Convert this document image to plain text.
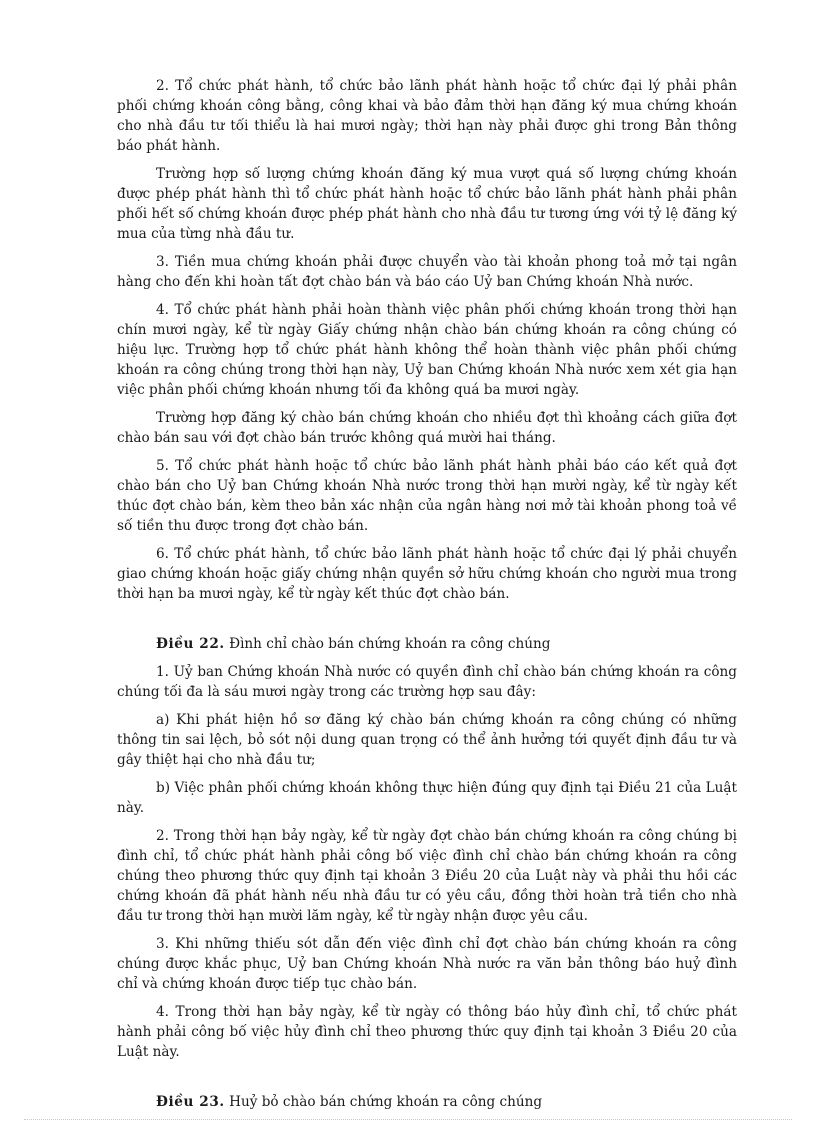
2. Tổ chức phát hành, tổ chức bảo lãnh phát hành hoặc tổ chức đại lý phải phân phối chứng khoán công bằng, công khai và bảo đảm thời hạn đăng ký mua chứng khoán cho nhà đầu tư tối thiểu là hai mươi ngày; thời hạn này phải được ghi trong Bản thông báo phát hành.

Trường hợp số lượng chứng khoán đăng ký mua vượt quá số lượng chứng khoán được phép phát hành thì tổ chức phát hành hoặc tổ chức bảo lãnh phát hành phải phân phối hết số chứng khoán được phép phát hành cho nhà đầu tư tương ứng với tỷ lệ đăng ký mua của từng nhà đầu tư.

3. Tiền mua chứng khoán phải được chuyển vào tài khoản phong toả mở tại ngân hàng cho đến khi hoàn tất đợt chào bán và báo cáo Uỷ ban Chứng khoán Nhà nước.

4. Tổ chức phát hành phải hoàn thành việc phân phối chứng khoán trong thời hạn chín mươi ngày, kể từ ngày Giấy chứng nhận chào bán chứng khoán ra công chúng có hiệu lực. Trường hợp tổ chức phát hành không thể hoàn thành việc phân phối chứng khoán ra công chúng trong thời hạn này, Uỷ ban Chứng khoán Nhà nước xem xét gia hạn việc phân phối chứng khoán nhưng tối đa không quá ba mươi ngày.

Trường hợp đăng ký chào bán chứng khoán cho nhiều đợt thì khoảng cách giữa đợt chào bán sau với đợt chào bán trước không quá mười hai tháng.

5. Tổ chức phát hành hoặc tổ chức bảo lãnh phát hành phải báo cáo kết quả đợt chào bán cho Uỷ ban Chứng khoán Nhà nước trong thời hạn mười ngày, kể từ ngày kết thúc đợt chào bán, kèm theo bản xác nhận của ngân hàng nơi mở tài khoản phong toả về số tiền thu được trong đợt chào bán.

6. Tổ chức phát hành, tổ chức bảo lãnh phát hành hoặc tổ chức đại lý phải chuyển giao chứng khoán hoặc giấy chứng nhận quyền sở hữu chứng khoán cho người mua trong thời hạn ba mươi ngày, kể từ ngày kết thúc đợt chào bán.

Điều 22. Đình chỉ chào bán chứng khoán ra công chúng

1. Uỷ ban Chứng khoán Nhà nước có quyền đình chỉ chào bán chứng khoán ra công chúng tối đa là sáu mươi ngày trong các trường hợp sau đây:

a) Khi phát hiện hồ sơ đăng ký chào bán chứng khoán ra công chúng có những thông tin sai lệch, bỏ sót nội dung quan trọng có thể ảnh hưởng tới quyết định đầu tư và gây thiệt hại cho nhà đầu tư;

b) Việc phân phối chứng khoán không thực hiện đúng quy định tại Điều 21 của Luật này.

2. Trong thời hạn bảy ngày, kể từ ngày đợt chào bán chứng khoán ra công chúng bị đình chỉ, tổ chức phát hành phải công bố việc đình chỉ chào bán chứng khoán ra công chúng theo phương thức quy định tại khoản 3 Điều 20 của Luật này và phải thu hồi các chứng khoán đã phát hành nếu nhà đầu tư có yêu cầu, đồng thời hoàn trả tiền cho nhà đầu tư trong thời hạn mười lăm ngày, kể từ ngày nhận được yêu cầu.

3. Khi những thiếu sót dẫn đến việc đình chỉ đợt chào bán chứng khoán ra công chúng được khắc phục, Uỷ ban Chứng khoán Nhà nước ra văn bản thông báo huỷ đình chỉ và chứng khoán được tiếp tục chào bán.

4. Trong thời hạn bảy ngày, kể từ ngày có thông báo hủy đình chỉ, tổ chức phát hành phải công bố việc hủy đình chỉ theo phương thức quy định tại khoản 3 Điều 20 của Luật này.

Điều 23. Huỷ bỏ chào bán chứng khoán ra công chúng
